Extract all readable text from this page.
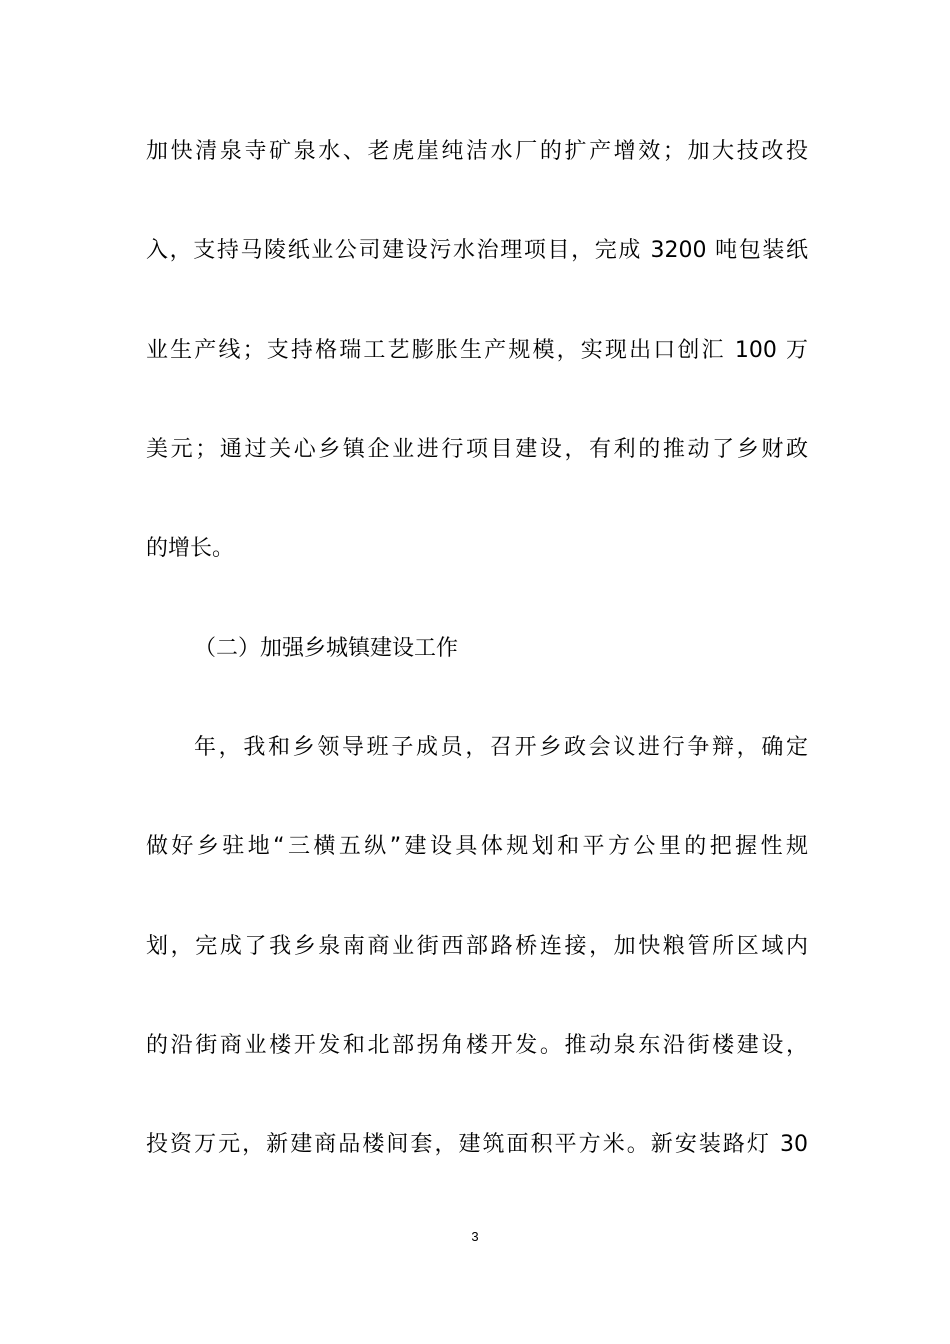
加快清泉寺矿泉水、老虎崖纯洁水厂的扩产增效；加大技改投
入，支持马陵纸业公司建设污水治理项目，完成 3200 吨包装纸
业生产线；支持格瑞工艺膨胀生产规模，实现出口创汇 100 万
美元；通过关心乡镇企业进行项目建设，有利的推动了乡财政
的增长。
（二）加强乡城镇建设工作
年，我和乡领导班子成员，召开乡政会议进行争辩，确定
做好乡驻地“三横五纵”建设具体规划和平方公里的把握性规
划，完成了我乡泉南商业街西部路桥连接，加快粮管所区域内
的沿街商业楼开发和北部拐角楼开发。推动泉东沿街楼建设，
投资万元，新建商品楼间套，建筑面积平方米。新安装路灯 30
3
